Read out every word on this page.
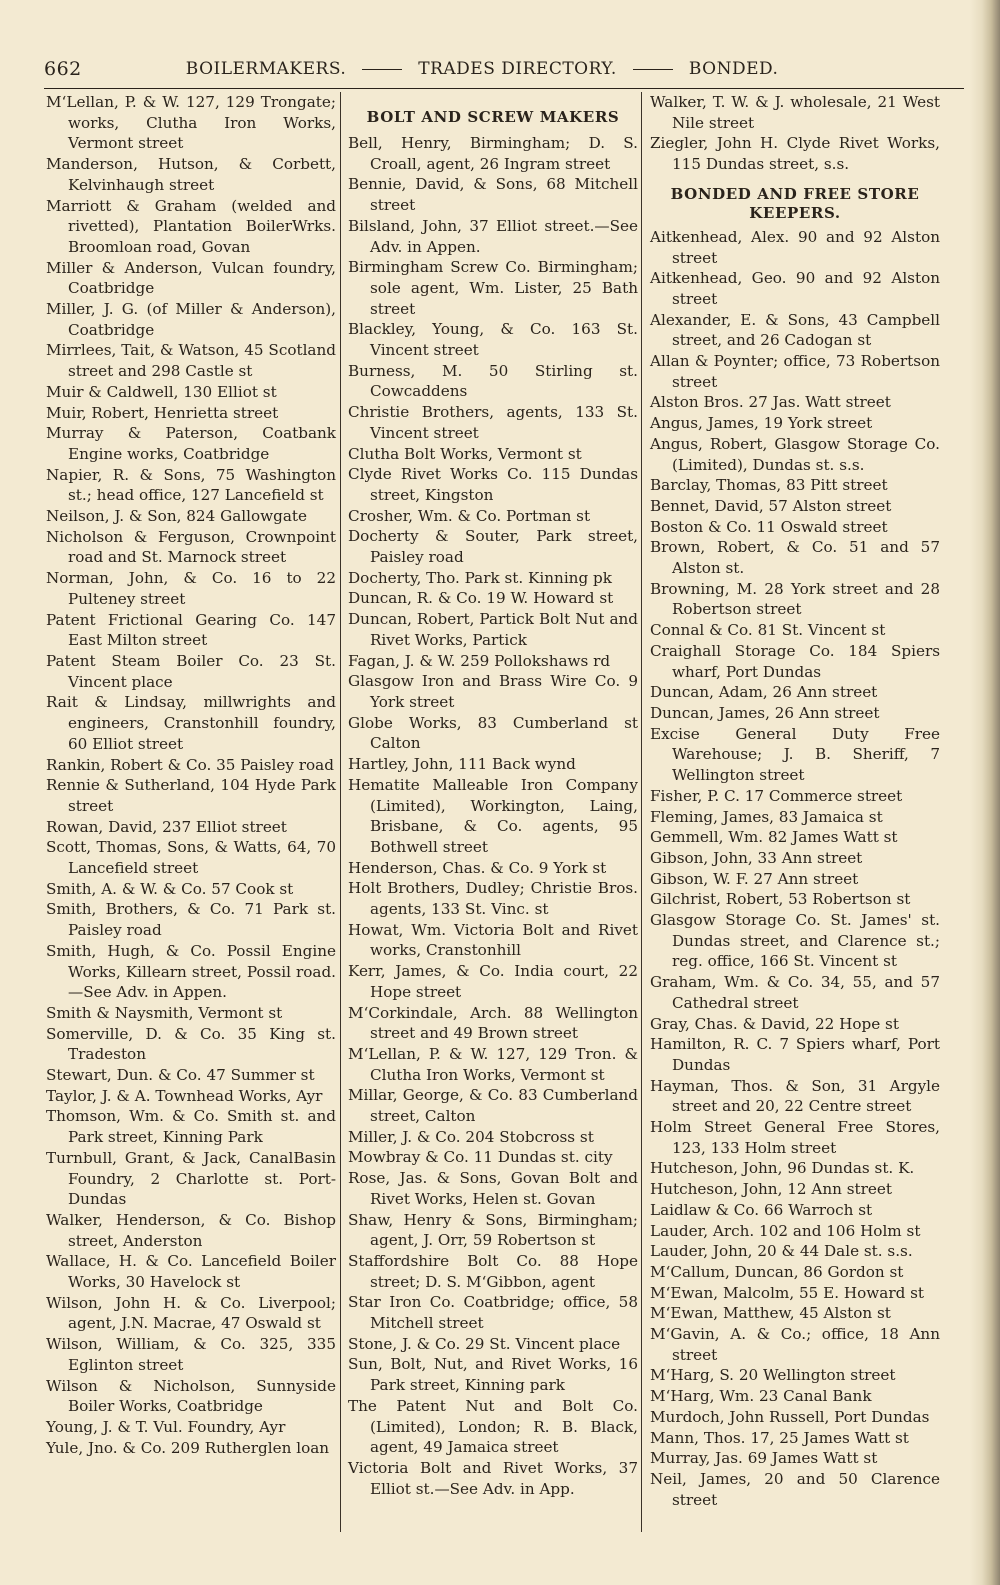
662	BOILERMAKERS.	TRADES DIRECTORY.	BONDED.
M‘Lellan, P. & W. 127, 129 Trongate; works, Clutha Iron Works, Vermont street
Manderson, Hutson, & Corbett, Kelvinhaugh street
Marriott & Graham (welded and rivetted), Plantation BoilerWrks. Broomloan road, Govan
Miller & Anderson, Vulcan foundry, Coatbridge
Miller, J. G. (of Miller & Anderson), Coatbridge
Mirrlees, Tait, & Watson, 45 Scotland street and 298 Castle st
Muir & Caldwell, 130 Elliot st
Muir, Robert, Henrietta street
Murray & Paterson, Coatbank Engine works, Coatbridge
Napier, R. & Sons, 75 Washington st.; head office, 127 Lancefield st
Neilson, J. & Son, 824 Gallowgate
Nicholson & Ferguson, Crownpoint road and St. Marnock street
Norman, John, & Co. 16 to 22 Pulteney street
Patent Frictional Gearing Co. 147 East Milton street
Patent Steam Boiler Co. 23 St. Vincent place
Rait & Lindsay, millwrights and engineers, Cranstonhill foundry, 60 Elliot street
Rankin, Robert & Co. 35 Paisley road
Rennie & Sutherland, 104 Hyde Park street
Rowan, David, 237 Elliot street
Scott, Thomas, Sons, & Watts, 64, 70 Lancefield street
Smith, A. & W. & Co. 57 Cook st
Smith, Brothers, & Co. 71 Park st. Paisley road
Smith, Hugh, & Co. Possil Engine Works, Killearn street, Possil road.—See Adv. in Appen.
Smith & Naysmith, Vermont st
Somerville, D. & Co. 35 King st. Tradeston
Stewart, Dun. & Co. 47 Summer st
Taylor, J. & A. Townhead Works, Ayr
Thomson, Wm. & Co. Smith st. and Park street, Kinning Park
Turnbull, Grant, & Jack, CanalBasin Foundry, 2 Charlotte st. Port-Dundas
Walker, Henderson, & Co. Bishop street, Anderston
Wallace, H. & Co. Lancefield Boiler Works, 30 Havelock st
Wilson, John H. & Co. Liverpool; agent, J.N. Macrae, 47 Oswald st
Wilson, William, & Co. 325, 335 Eglinton street
Wilson & Nicholson, Sunnyside Boiler Works, Coatbridge
Young, J. & T. Vul. Foundry, Ayr
Yule, Jno. & Co. 209 Rutherglen loan
BOLT AND SCREW MAKERS
Bell, Henry, Birmingham; D. S. Croall, agent, 26 Ingram street
Bennie, David, & Sons, 68 Mitchell street
Bilsland, John, 37 Elliot street.—See Adv. in Appen.
Birmingham Screw Co. Birmingham; sole agent, Wm. Lister, 25 Bath street
Blackley, Young, & Co. 163 St. Vincent street
Burness, M. 50 Stirling st. Cowcaddens
Christie Brothers, agents, 133 St. Vincent street
Clutha Bolt Works, Vermont st
Clyde Rivet Works Co. 115 Dundas street, Kingston
Crosher, Wm. & Co. Portman st
Docherty & Souter, Park street, Paisley road
Docherty, Tho. Park st. Kinning pk
Duncan, R. & Co. 19 W. Howard st
Duncan, Robert, Partick Bolt Nut and Rivet Works, Partick
Fagan, J. & W. 259 Pollokshaws rd
Glasgow Iron and Brass Wire Co. 9 York street
Globe Works, 83 Cumberland st Calton
Hartley, John, 111 Back wynd
Hematite Malleable Iron Company (Limited), Workington, Laing, Brisbane, & Co. agents, 95 Bothwell street
Henderson, Chas. & Co. 9 York st
Holt Brothers, Dudley; Christie Bros. agents, 133 St. Vinc. st
Howat, Wm. Victoria Bolt and Rivet works, Cranstonhill
Kerr, James, & Co. India court, 22 Hope street
M‘Corkindale, Arch. 88 Wellington street and 49 Brown street
M‘Lellan, P. & W. 127, 129 Tron. & Clutha Iron Works, Vermont st
Millar, George, & Co. 83 Cumberland street, Calton
Miller, J. & Co. 204 Stobcross st
Mowbray & Co. 11 Dundas st. city
Rose, Jas. & Sons, Govan Bolt and Rivet Works, Helen st. Govan
Shaw, Henry & Sons, Birmingham; agent, J. Orr, 59 Robertson st
Staffordshire Bolt Co. 88 Hope street; D. S. M‘Gibbon, agent
Star Iron Co. Coatbridge; office, 58 Mitchell street
Stone, J. & Co. 29 St. Vincent place
Sun, Bolt, Nut, and Rivet Works, 16 Park street, Kinning park
The Patent Nut and Bolt Co. (Limited), London; R. B. Black, agent, 49 Jamaica street
Victoria Bolt and Rivet Works, 37 Elliot st.—See Adv. in App.
Walker, T. W. & J. wholesale, 21 West Nile street
Ziegler, John H. Clyde Rivet Works, 115 Dundas street, s.s.
BONDED AND FREE STORE KEEPERS.
Aitkenhead, Alex. 90 and 92 Alston street
Aitkenhead, Geo. 90 and 92 Alston street
Alexander, E. & Sons, 43 Campbell street, and 26 Cadogan st
Allan & Poynter; office, 73 Robertson street
Alston Bros. 27 Jas. Watt street
Angus, James, 19 York street
Angus, Robert, Glasgow Storage Co. (Limited), Dundas st. s.s.
Barclay, Thomas, 83 Pitt street
Bennet, David, 57 Alston street
Boston & Co. 11 Oswald street
Brown, Robert, & Co. 51 and 57 Alston st.
Browning, M. 28 York street and 28 Robertson street
Connal & Co. 81 St. Vincent st
Craighall Storage Co. 184 Spiers wharf, Port Dundas
Duncan, Adam, 26 Ann street
Duncan, James, 26 Ann street
Excise General Duty Free Warehouse; J. B. Sheriff, 7 Wellington street
Fisher, P. C. 17 Commerce street
Fleming, James, 83 Jamaica st
Gemmell, Wm. 82 James Watt st
Gibson, John, 33 Ann street
Gibson, W. F. 27 Ann street
Gilchrist, Robert, 53 Robertson st
Glasgow Storage Co. St. James' st. Dundas street, and Clarence st.; reg. office, 166 St. Vincent st
Graham, Wm. & Co. 34, 55, and 57 Cathedral street
Gray, Chas. & David, 22 Hope st
Hamilton, R. C. 7 Spiers wharf, Port Dundas
Hayman, Thos. & Son, 31 Argyle street and 20, 22 Centre street
Holm Street General Free Stores, 123, 133 Holm street
Hutcheson, John, 96 Dundas st. K.
Hutcheson, John, 12 Ann street
Laidlaw & Co. 66 Warroch st
Lauder, Arch. 102 and 106 Holm st
Lauder, John, 20 & 44 Dale st. s.s.
M‘Callum, Duncan, 86 Gordon st
M‘Ewan, Malcolm, 55 E. Howard st
M‘Ewan, Matthew, 45 Alston st
M‘Gavin, A. & Co.; office, 18 Ann street
M‘Harg, S. 20 Wellington street
M‘Harg, Wm. 23 Canal Bank
Murdoch, John Russell, Port Dundas
Mann, Thos. 17, 25 James Watt st
Murray, Jas. 69 James Watt st
Neil, James, 20 and 50 Clarence street
